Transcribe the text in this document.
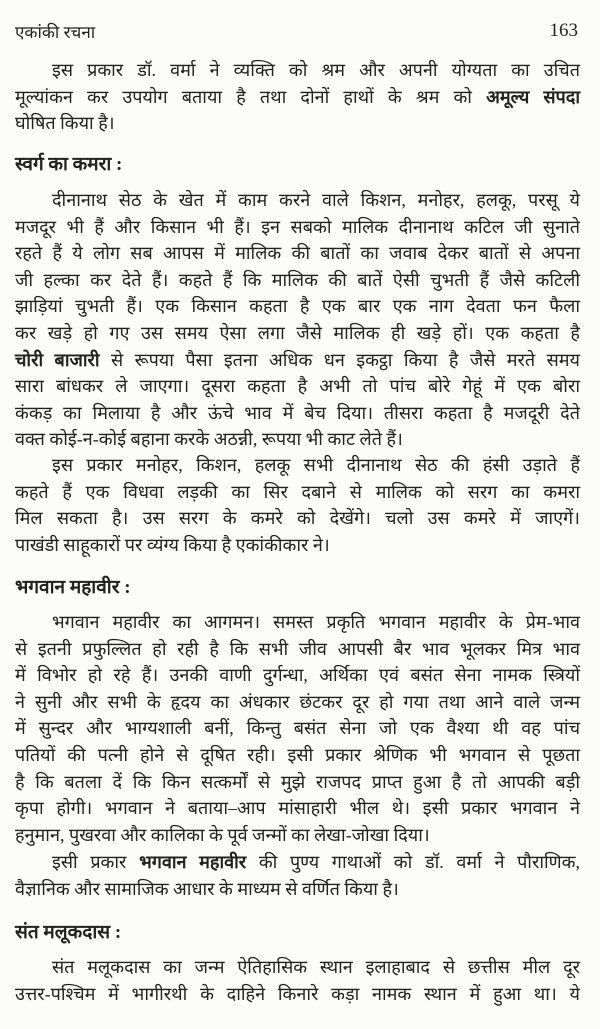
एकांकी रचना	163
इस प्रकार डॉ. वर्मा ने व्यक्ति को श्रम और अपनी योग्यता का उचित
मूल्यांकन कर उपयोग बताया है तथा दोनों हाथों के श्रम को अमूल्य संपदा
घोषित किया है।
स्वर्ग का कमरा :
दीनानाथ सेठ के खेत में काम करने वाले किशन, मनोहर, हलकू, परसू ये
मजदूर भी हैं और किसान भी हैं। इन सबको मालिक दीनानाथ कटिल जी सुनाते
रहते हैं ये लोग सब आपस में मालिक की बातों का जवाब देकर बातों से अपना
जी हल्का कर देते हैं। कहते हैं कि मालिक की बातें ऐसी चुभती हैं जैसे कटिली
झाड़ियां चुभती हैं। एक किसान कहता है एक बार एक नाग देवता फन फैला
कर खड़े हो गए उस समय ऐसा लगा जैसे मालिक ही खड़े हों। एक कहता है
चोरी बाजारी से रूपया पैसा इतना अधिक धन इकट्ठा किया है जैसे मरते समय
सारा बांधकर ले जाएगा। दूसरा कहता है अभी तो पांच बोरे गेहूं में एक बोरा
कंकड़ का मिलाया है और ऊंचे भाव में बेच दिया। तीसरा कहता है मजदूरी देते
वक्त कोई-न-कोई बहाना करके अठन्नी, रूपया भी काट लेते हैं।
इस प्रकार मनोहर, किशन, हलकू सभी दीनानाथ सेठ की हंसी उड़ाते हैं
कहते हैं एक विधवा लड़की का सिर दबाने से मालिक को सरग का कमरा
मिल सकता है। उस सरग के कमरे को देखेंगे। चलो उस कमरे में जाएगें।
पाखंडी साहूकारों पर व्यंग्य किया है एकांकीकार ने।
भगवान महावीर :
भगवान महावीर का आगमन। समस्त प्रकृति भगवान महावीर के प्रेम-भाव
से इतनी प्रफुल्लित हो रही है कि सभी जीव आपसी बैर भाव भूलकर मित्र भाव
में विभोर हो रहे हैं। उनकी वाणी दुर्गन्धा, अर्थिका एवं बसंत सेना नामक स्त्रियों
ने सुनी और सभी के हृदय का अंधकार छंटकर दूर हो गया तथा आने वाले जन्म
में सुन्दर और भाग्यशाली बनीं, किन्तु बसंत सेना जो एक वैश्या थी वह पांच
पतियों की पत्नी होने से दूषित रही। इसी प्रकार श्रेणिक भी भगवान से पूछता
है कि बतला दें कि किन सत्कर्मों से मुझे राजपद प्राप्त हुआ है तो आपकी बड़ी
कृपा होगी। भगवान ने बताया–आप मांसाहारी भील थे। इसी प्रकार भगवान ने
हनुमान, पुखरवा और कालिका के पूर्व जन्मों का लेखा-जोखा दिया।
इसी प्रकार भगवान महावीर की पुण्य गाथाओं को डॉ. वर्मा ने पौराणिक,
वैज्ञानिक और सामाजिक आधार के माध्यम से वर्णित किया है।
संत मलूकदास :
संत मलूकदास का जन्म ऐतिहासिक स्थान इलाहाबाद से छत्तीस मील दूर
उत्तर-पश्चिम में भागीरथी के दाहिने किनारे कड़ा नामक स्थान में हुआ था। ये
